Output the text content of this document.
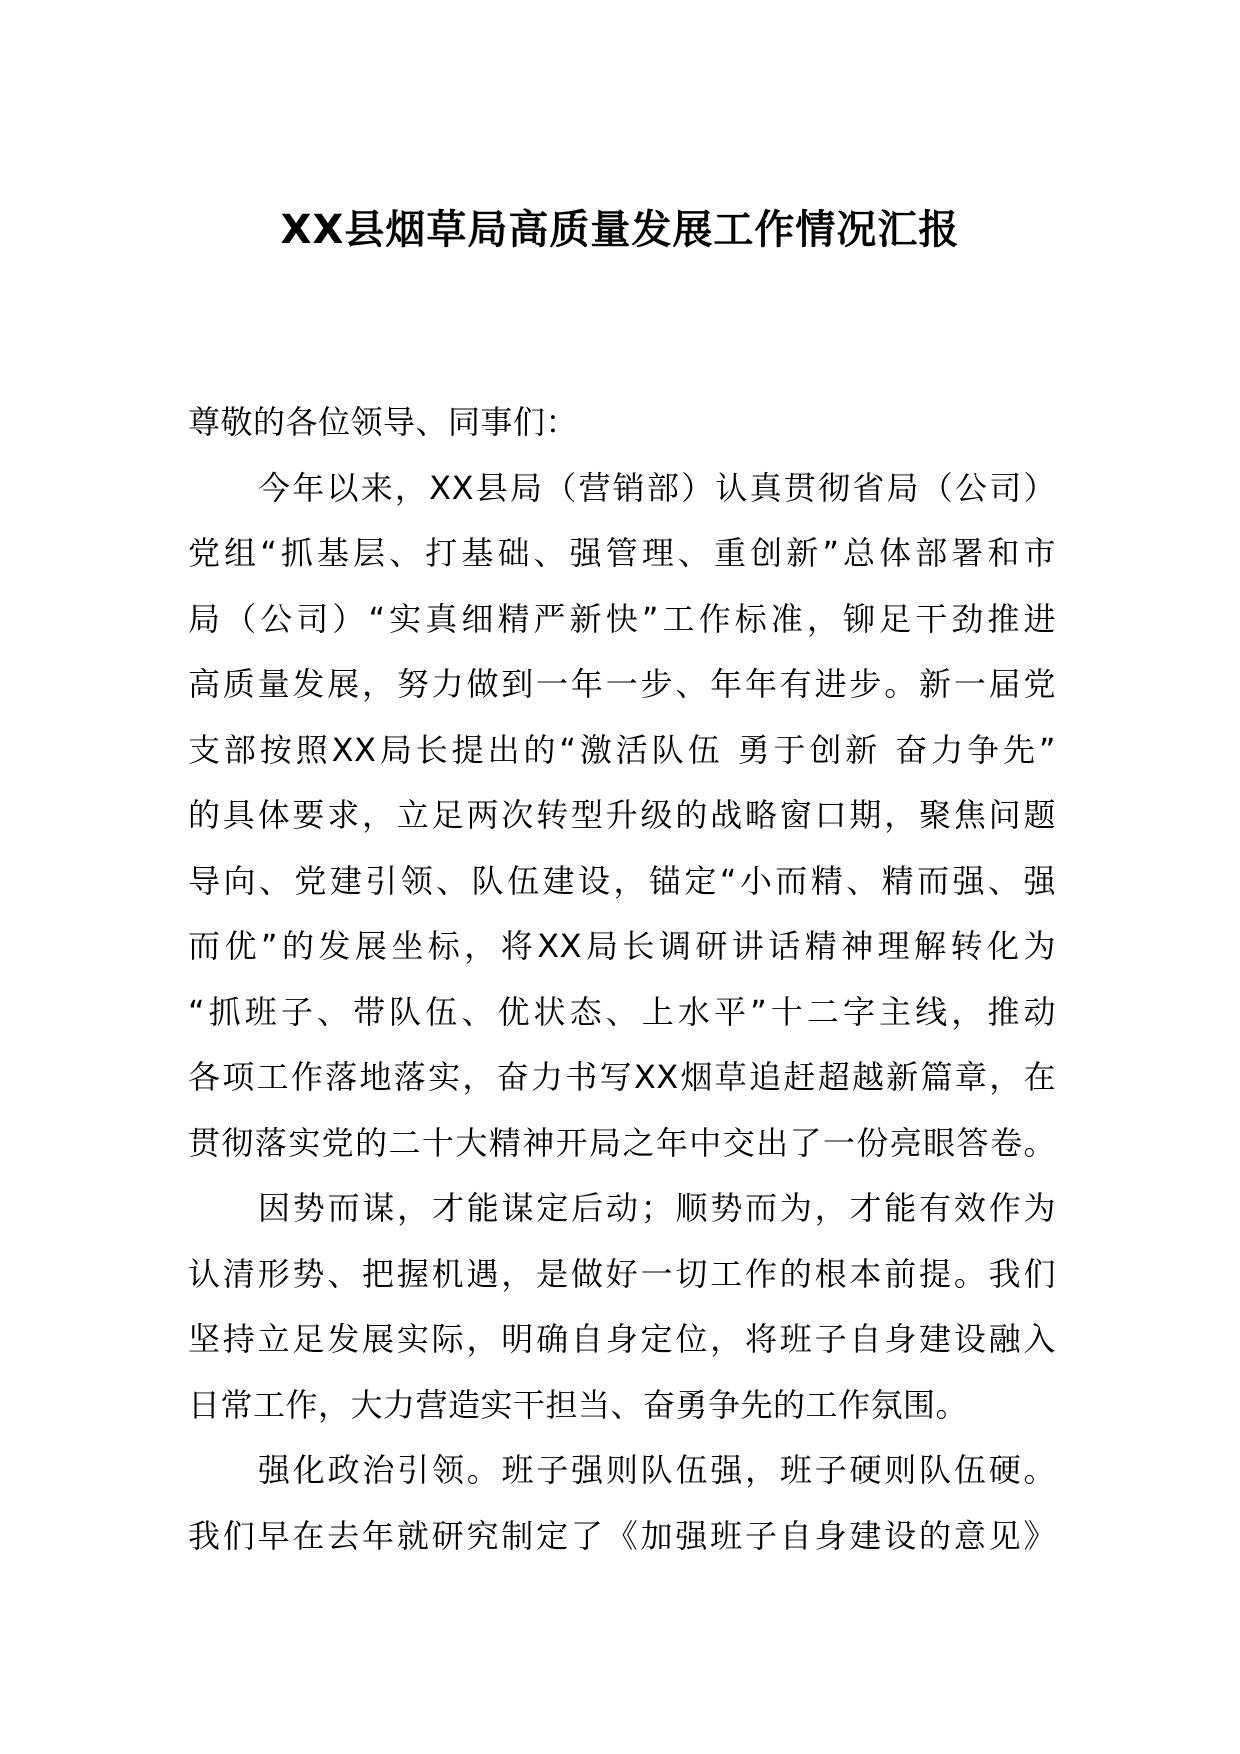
XX县烟草局高质量发展工作情况汇报

尊敬的各位领导、同事们：

今年以来，XX县局（营销部）认真贯彻省局（公司）

党组“抓基层、打基础、强管理、重创新”总体部署和市

局（公司）“实真细精严新快”工作标准，铆足干劲推进

高质量发展，努力做到一年一步、年年有进步。新一届党

支部按照XX局长提出的“激活队伍 勇于创新 奋力争先”

的具体要求，立足两次转型升级的战略窗口期，聚焦问题

导向、党建引领、队伍建设，锚定“小而精、精而强、强

而优”的发展坐标，将XX局长调研讲话精神理解转化为

“抓班子、带队伍、优状态、上水平”十二字主线，推动

各项工作落地落实，奋力书写XX烟草追赶超越新篇章，在

贯彻落实党的二十大精神开局之年中交出了一份亮眼答卷。

因势而谋，才能谋定后动；顺势而为，才能有效作为

认清形势、把握机遇，是做好一切工作的根本前提。我们

坚持立足发展实际，明确自身定位，将班子自身建设融入

日常工作，大力营造实干担当、奋勇争先的工作氛围。

强化政治引领。班子强则队伍强，班子硬则队伍硬。

我们早在去年就研究制定了《加强班子自身建设的意见》
